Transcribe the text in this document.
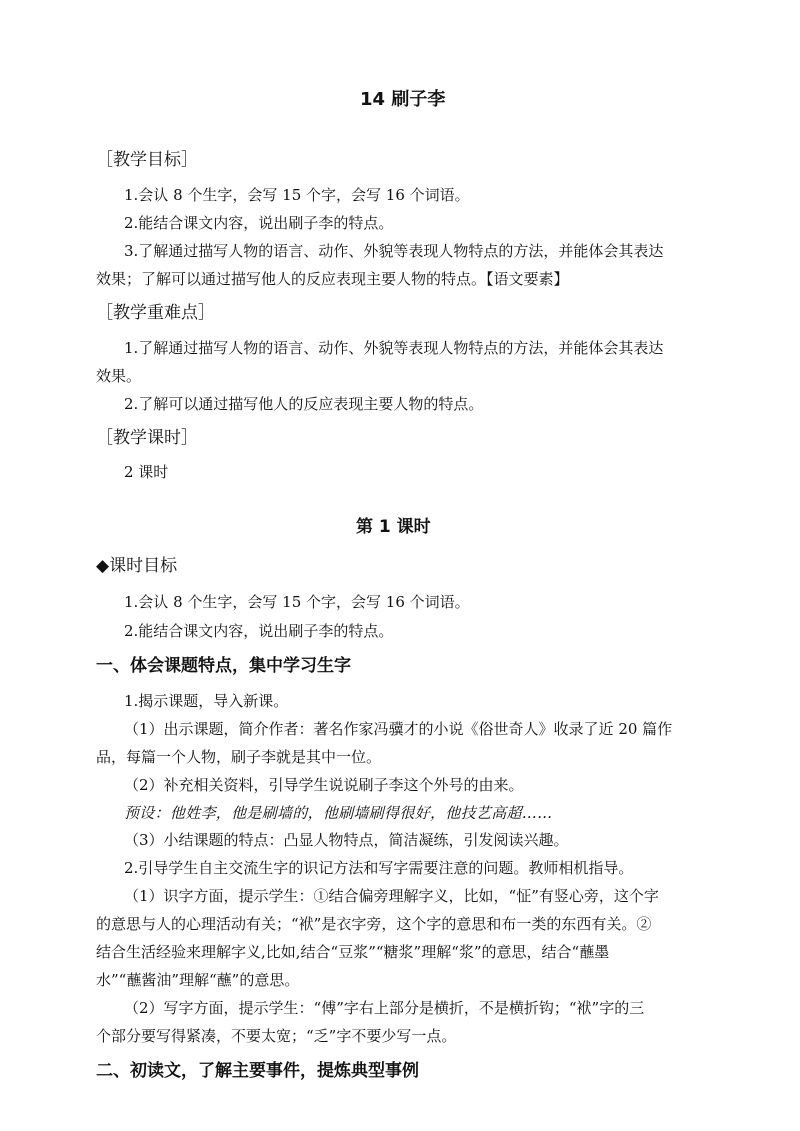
14 刷子李
［教学目标］
1.会认 8 个生字，会写 15 个字，会写 16 个词语。
2.能结合课文内容，说出刷子李的特点。
3.了解通过描写人物的语言、动作、外貌等表现人物特点的方法，并能体会其表达
效果；了解可以通过描写他人的反应表现主要人物的特点。【语文要素】
［教学重难点］
1.了解通过描写人物的语言、动作、外貌等表现人物特点的方法，并能体会其表达
效果。
2.了解可以通过描写他人的反应表现主要人物的特点。
［教学课时］
2 课时
第 1 课时
◆课时目标
1.会认 8 个生字，会写 15 个字，会写 16 个词语。
2.能结合课文内容，说出刷子李的特点。
一、体会课题特点，集中学习生字
1.揭示课题，导入新课。
（1）出示课题，简介作者：著名作家冯骥才的小说《俗世奇人》收录了近 20 篇作
品，每篇一个人物，刷子李就是其中一位。
（2）补充相关资料，引导学生说说刷子李这个外号的由来。
预设：他姓李，他是刷墙的，他刷墙刷得很好，他技艺高超……
（3）小结课题的特点：凸显人物特点，简洁凝练，引发阅读兴趣。
2.引导学生自主交流生字的识记方法和写字需要注意的问题。教师相机指导。
（1）识字方面，提示学生：①结合偏旁理解字义，比如，“怔”有竖心旁，这个字
的意思与人的心理活动有关；“袱”是衣字旁，这个字的意思和布一类的东西有关。②
结合生活经验来理解字义,比如,结合“豆浆”“糖浆”理解“浆”的意思，结合“蘸墨
水”“蘸酱油”理解“蘸”的意思。
（2）写字方面，提示学生：“傅”字右上部分是横折，不是横折钩；“袱”字的三
个部分要写得紧凑，不要太宽；“乏”字不要少写一点。
二、初读文，了解主要事件，提炼典型事例
